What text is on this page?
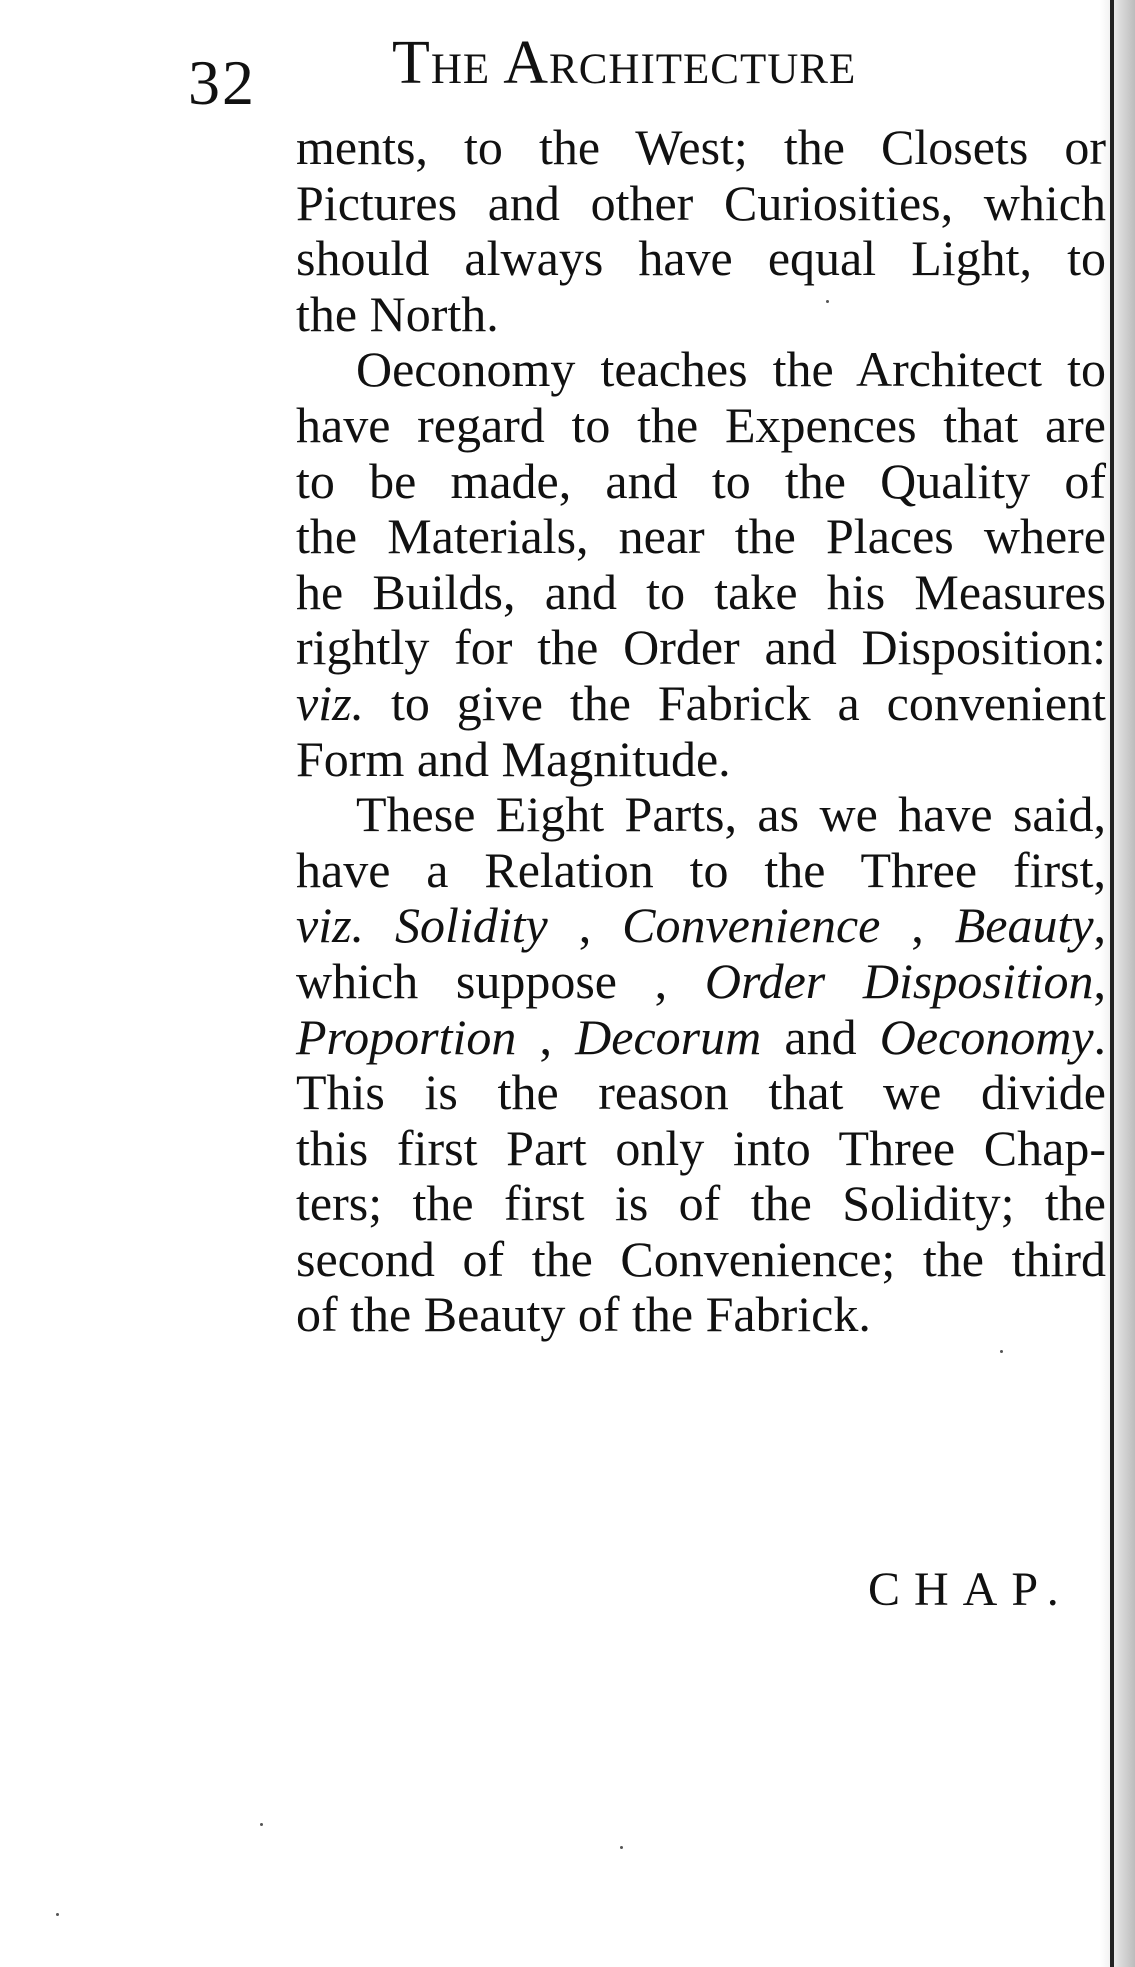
32 The Architecture
ments, to the West; the Closets or
Pictures and other Curiosities, which
should always have equal Light, to
the North.
Oeconomy teaches the Architect to
have regard to the Expences that are
to be made, and to the Quality of
the Materials, near the Places where
he Builds, and to take his Measures
rightly for the Order and Disposition:
viz. to give the Fabrick a convenient
Form and Magnitude.
These Eight Parts, as we have said,
have a Relation to the Three first,
viz. Solidity , Convenience , Beauty,
which suppose , Order Disposition,
Proportion , Decorum and Oeconomy.
This is the reason that we divide
this first Part only into Three Chap-
ters; the first is of the Solidity; the
second of the Convenience; the third
of the Beauty of the Fabrick.
CHAP.
